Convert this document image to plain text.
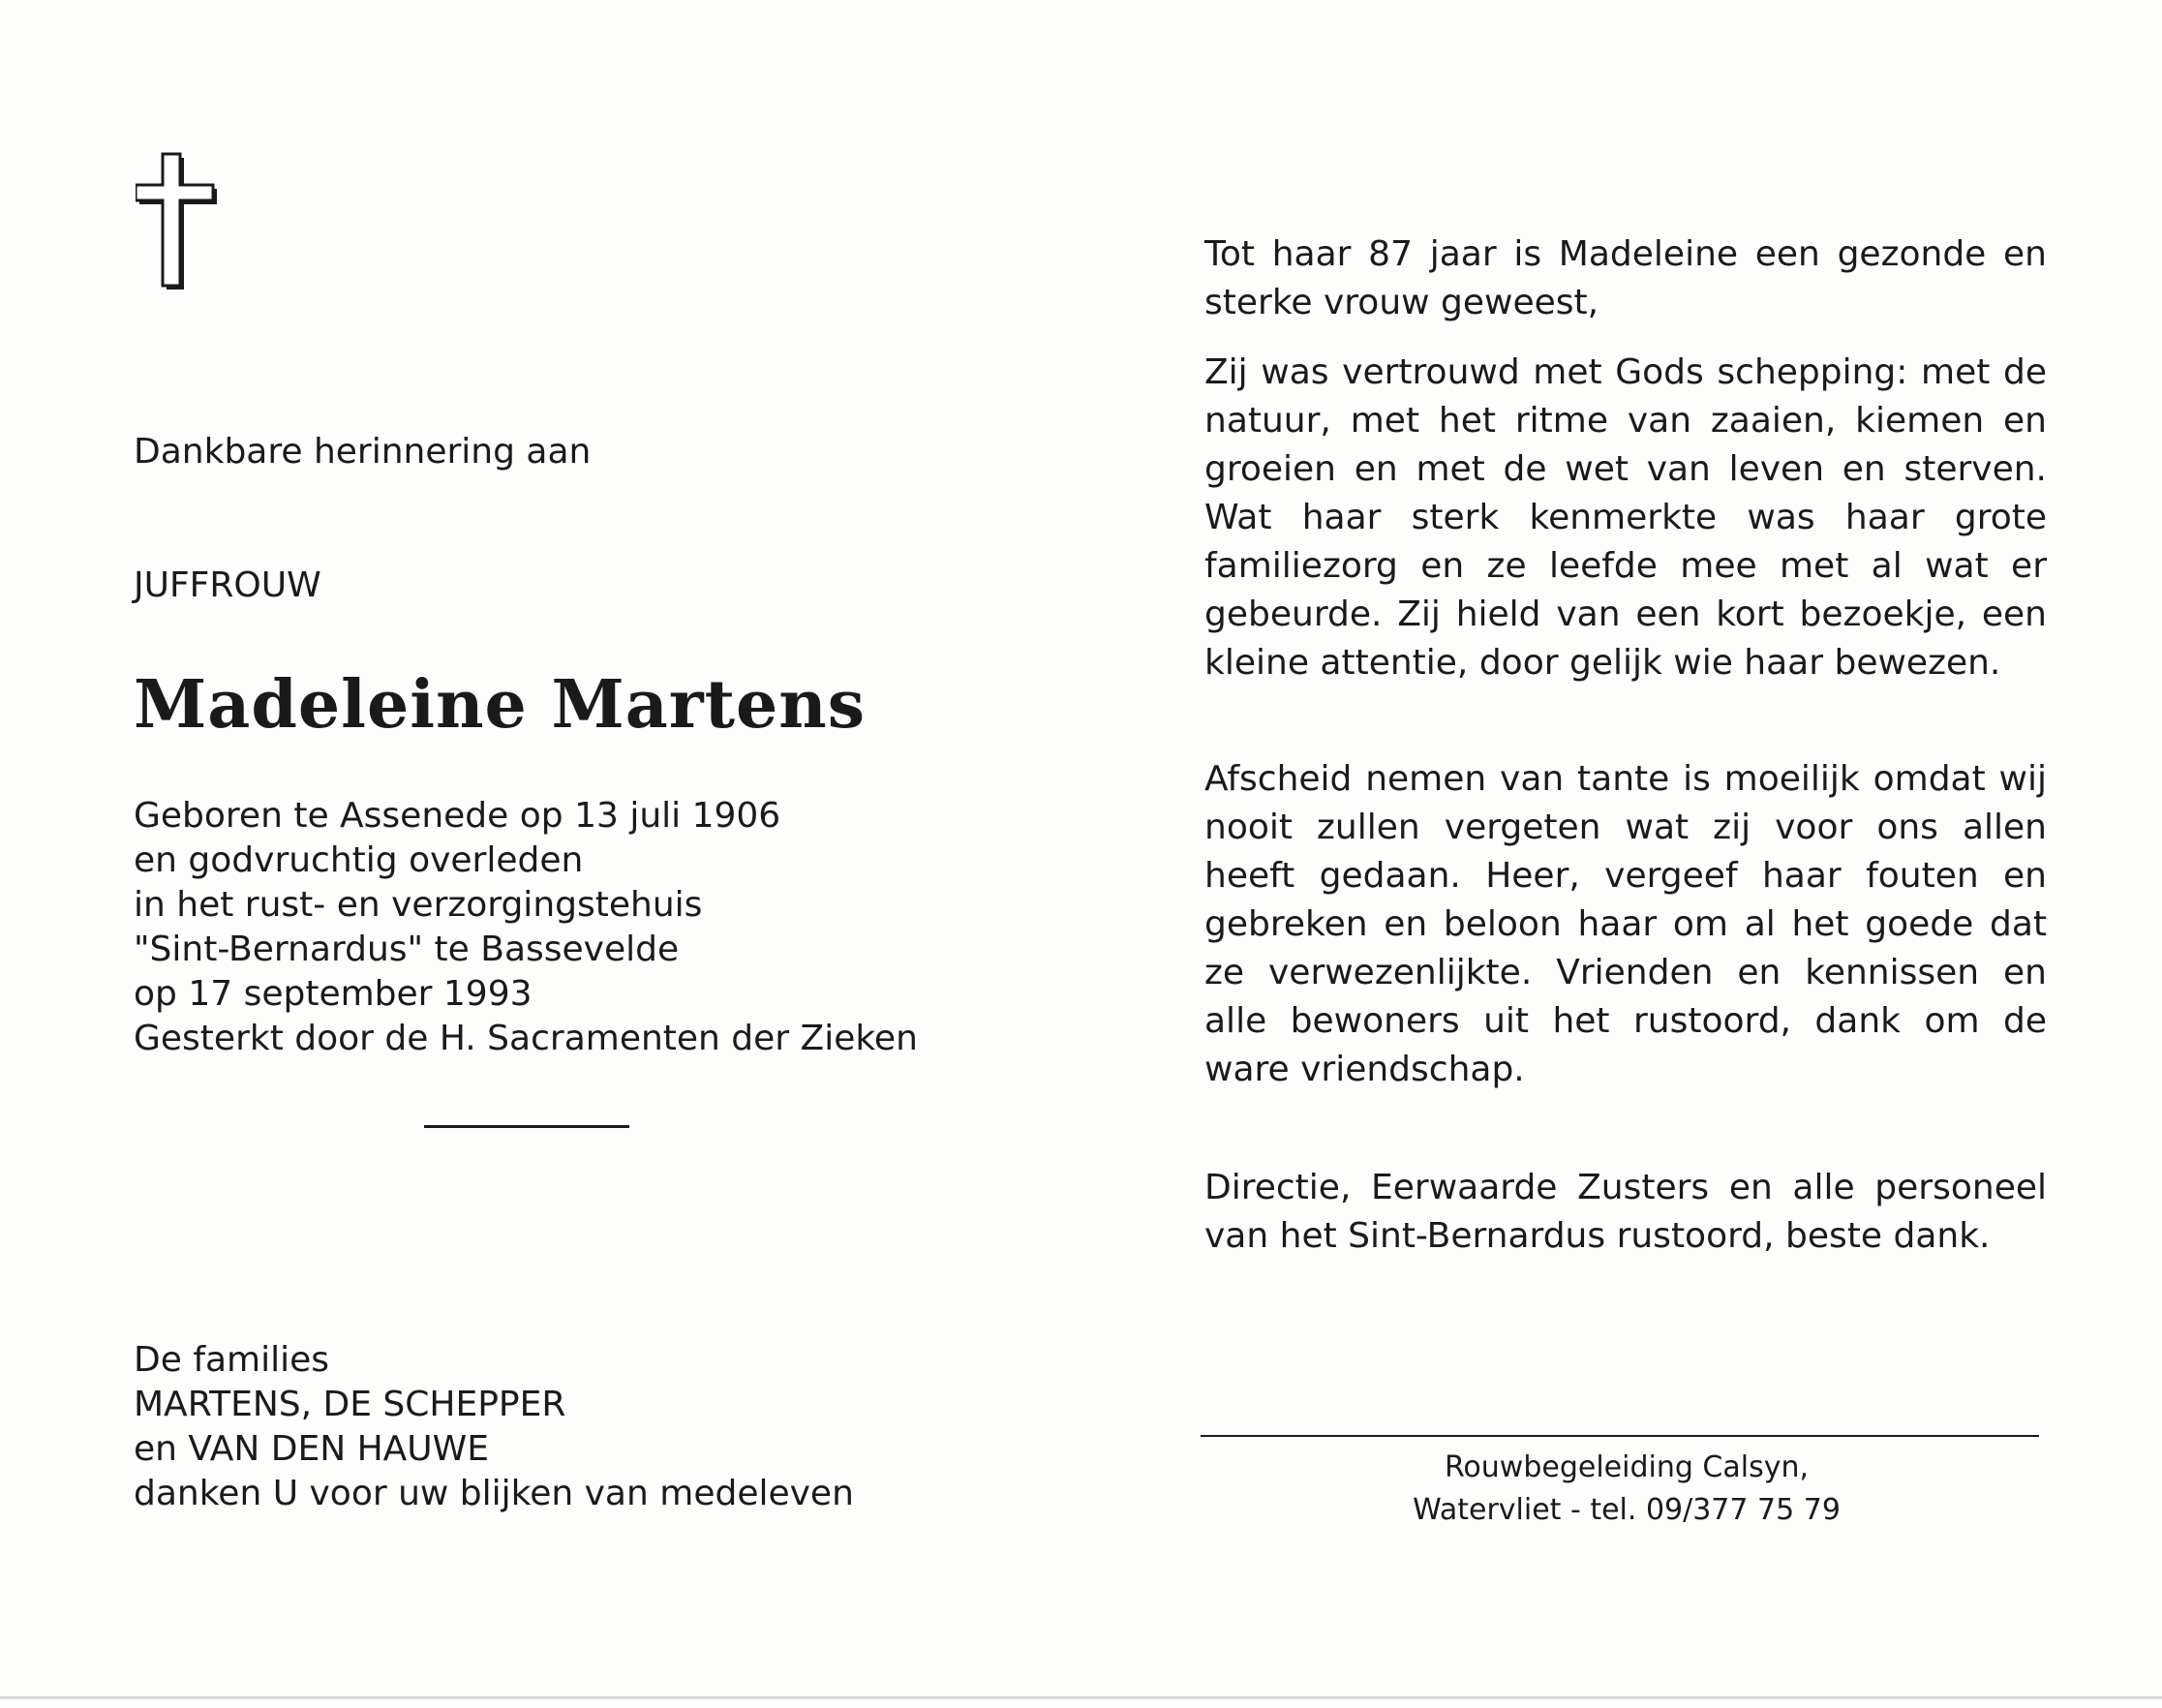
Dankbare herinnering aan
JUFFROUW
Madeleine Martens
Geboren te Assenede op 13 juli 1906
en godvruchtig overleden
in het rust- en verzorgingstehuis
"Sint-Bernardus" te Bassevelde
op 17 september 1993
Gesterkt door de H. Sacramenten der Zieken
De families
MARTENS, DE SCHEPPER
en VAN DEN HAUWE
danken U voor uw blijken van medeleven
Tot haar 87 jaar is Madeleine een gezonde en sterke vrouw geweest,
Zij was vertrouwd met Gods schepping: met de natuur, met het ritme van zaaien, kiemen en groeien en met de wet van leven en sterven. Wat haar sterk kenmerkte was haar grote familiezorg en ze leefde mee met al wat er gebeurde. Zij hield van een kort bezoekje, een kleine attentie, door gelijk wie haar bewezen.
Afscheid nemen van tante is moeilijk omdat wij nooit zullen vergeten wat zij voor ons allen heeft gedaan. Heer, vergeef haar fouten en gebreken en beloon haar om al het goede dat ze verwezenlijkte. Vrienden en kennissen en alle bewoners uit het rustoord, dank om de ware vriendschap.
Directie, Eerwaarde Zusters en alle personeel van het Sint-Bernardus rustoord, beste dank.
Rouwbegeleiding Calsyn,
Watervliet - tel. 09/377 75 79
